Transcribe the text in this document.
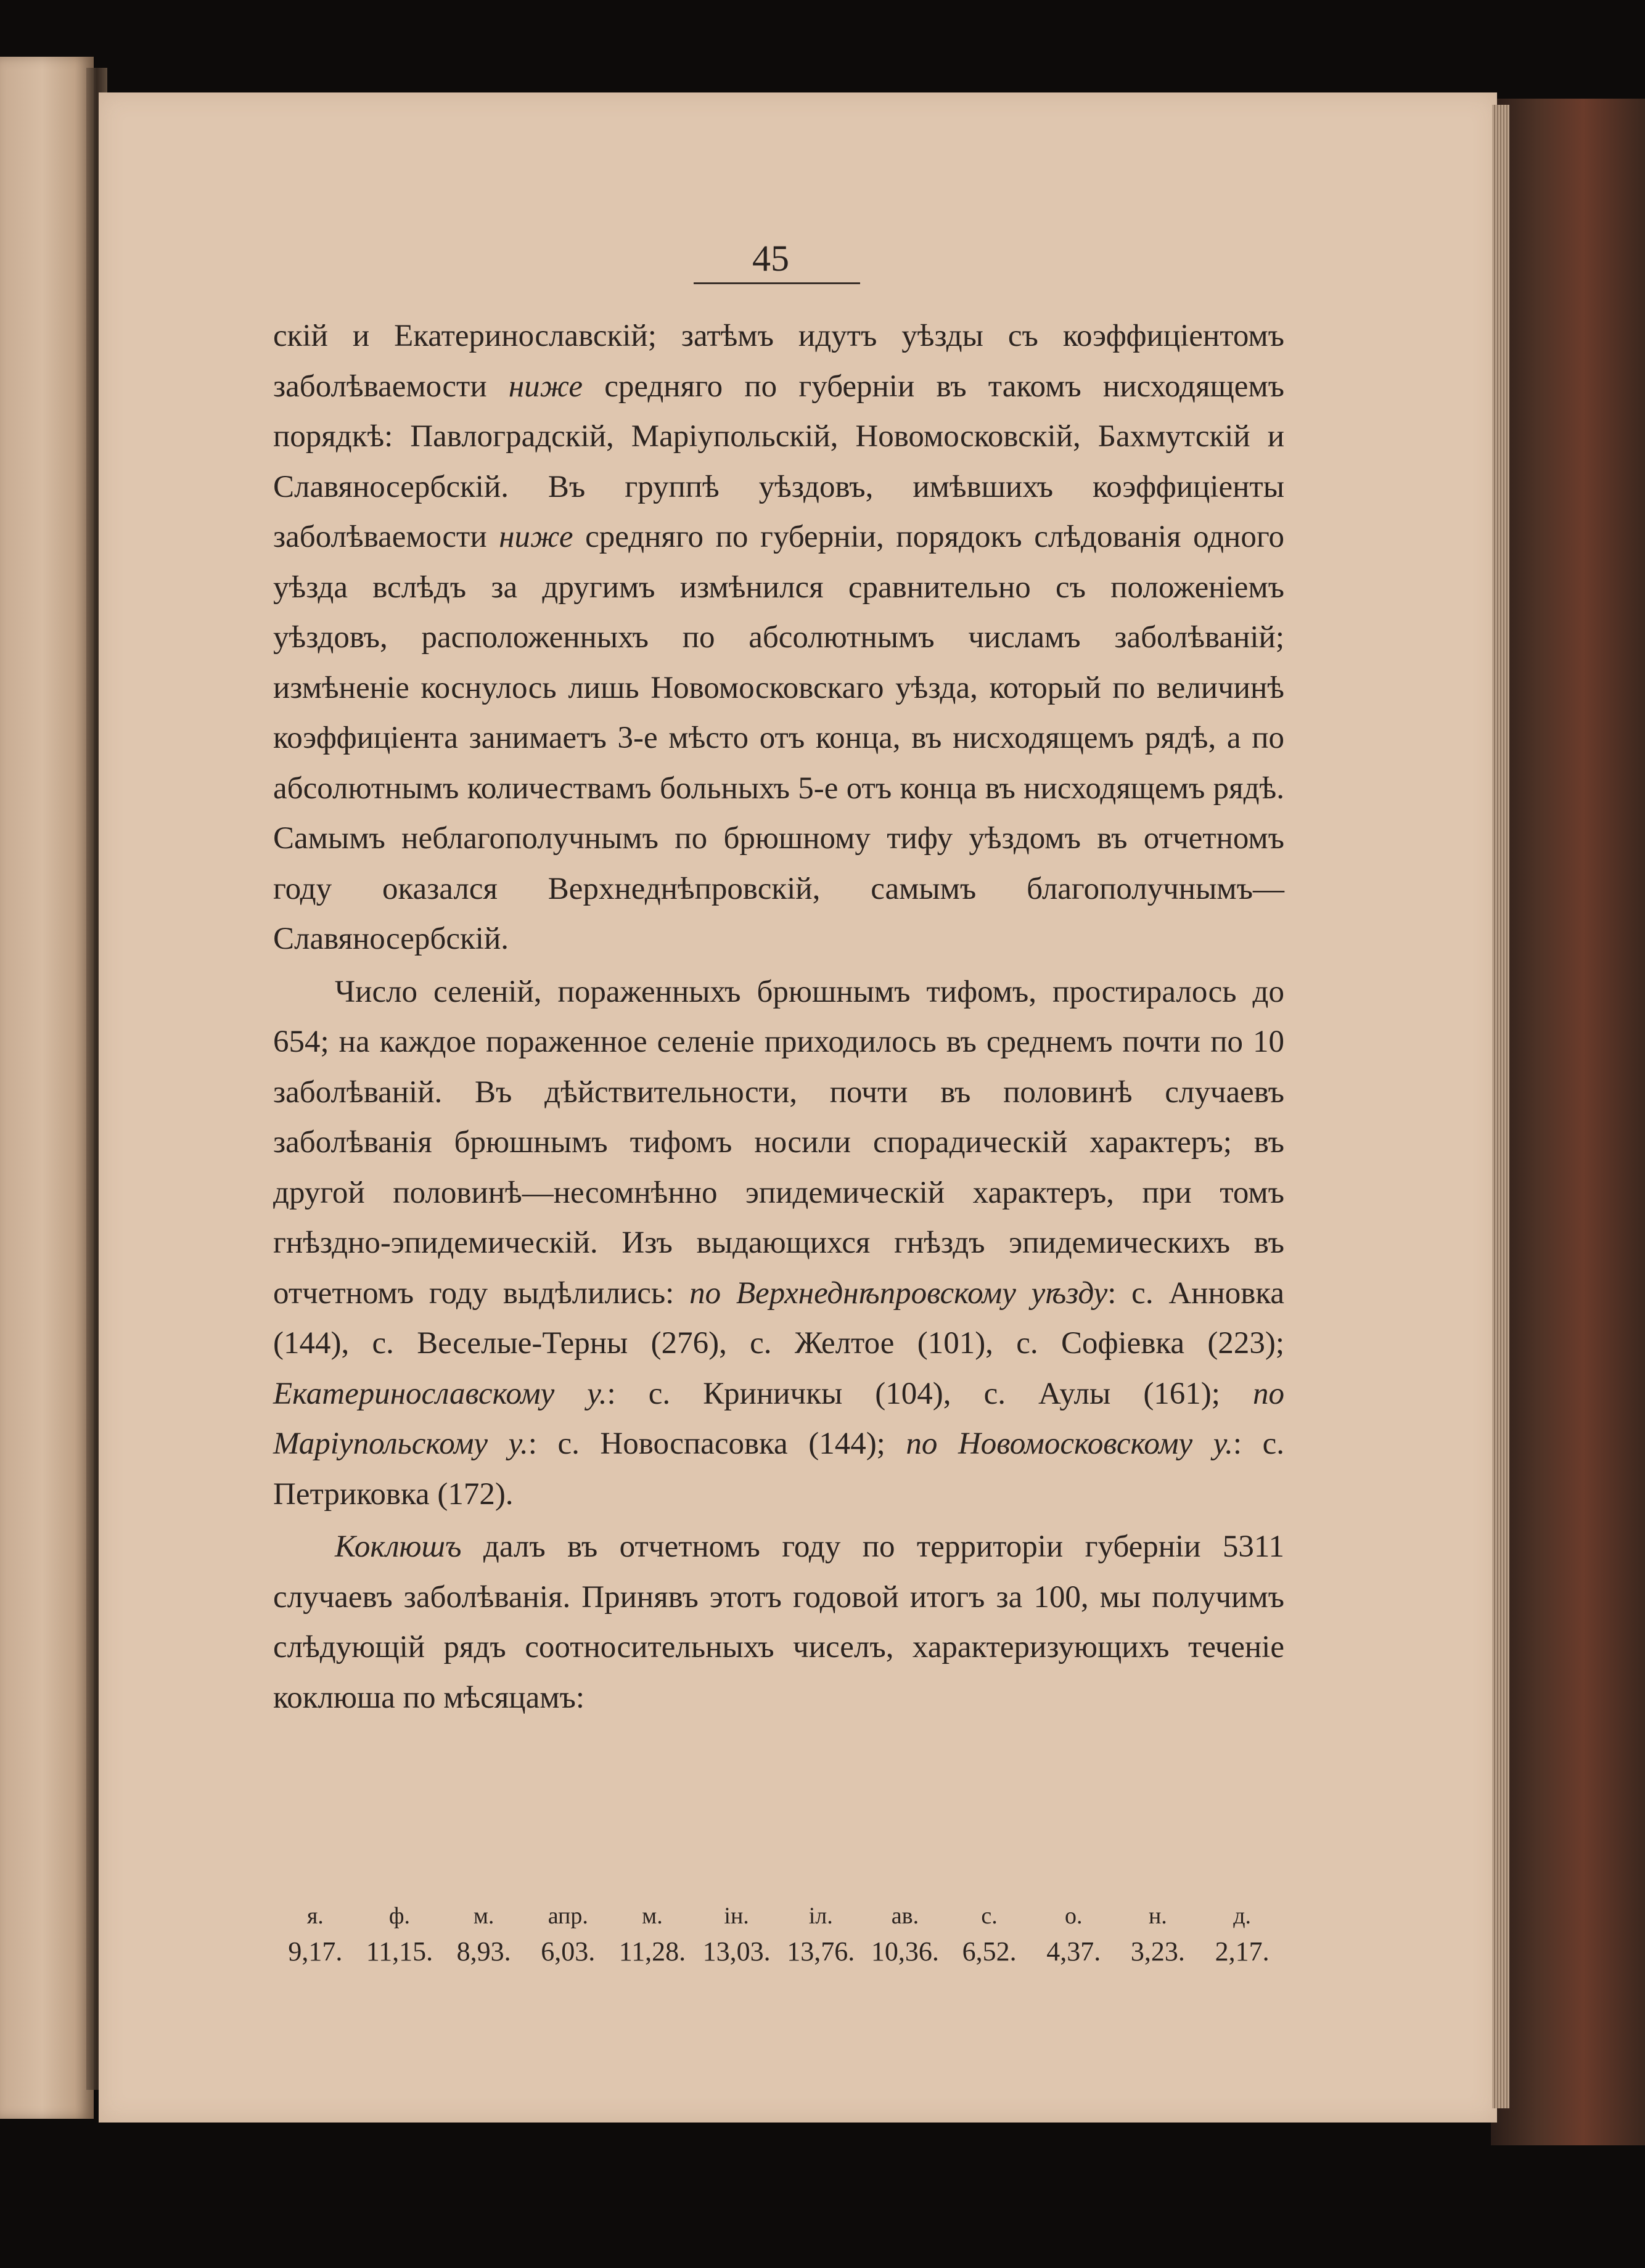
45

скій и Екатеринославскій; затѣмъ идутъ уѣзды съ коэффиціентомъ заболѣваемости ниже средняго по губерніи въ такомъ нисходящемъ порядкѣ: Павлоградскій, Маріупольскій, Новомосковскій, Бахмутскій и Славяносербскій. Въ группѣ уѣздовъ, имѣвшихъ коэффиціенты заболѣваемости ниже средняго по губерніи, порядокъ слѣдованія одного уѣзда вслѣдъ за другимъ измѣнился сравнительно съ положеніемъ уѣздовъ, расположенныхъ по абсолютнымъ числамъ заболѣваній; измѣненіе коснулось лишь Новомосковскаго уѣзда, который по величинѣ коэффиціента занимаетъ 3-е мѣсто отъ конца, въ нисходящемъ рядѣ, а по абсолютнымъ количествамъ больныхъ 5-е отъ конца въ нисходящемъ рядѣ. Самымъ неблагополучнымъ по брюшному тифу уѣздомъ въ отчетномъ году оказался Верхнеднѣпровскій, самымъ благополучнымъ—Славяносербскій.

Число селеній, пораженныхъ брюшнымъ тифомъ, простиралось до 654; на каждое пораженное селеніе приходилось въ среднемъ почти по 10 заболѣваній. Въ дѣйствительности, почти въ половинѣ случаевъ заболѣванія брюшнымъ тифомъ носили спорадическій характеръ; въ другой половинѣ—несомнѣнно эпидемическій характеръ, при томъ гнѣздно-эпидемическій. Изъ выдающихся гнѣздъ эпидемическихъ въ отчетномъ году выдѣлились: по Верхнеднѣпровскому уѣзду: с. Анновка (144), с. Веселые-Терны (276), с. Желтое (101), с. Софіевка (223); Екатеринославскому у.: с. Криничкы (104), с. Аулы (161); по Маріупольскому у.: с. Новоспасовка (144); по Новомосковскому у.: с. Петриковка (172).

Коклюшъ далъ въ отчетномъ году по территоріи губерніи 5311 случаевъ заболѣванія. Принявъ этотъ годовой итогъ за 100, мы получимъ слѣдующій рядъ соотносительныхъ чиселъ, характеризующихъ теченіе коклюша по мѣсяцамъ:

я.	ф.	м.	апр.	м.	ін.	іл.	ав.	с.	о.	н.	д.
9,17.	11,15.	8,93.	6,03.	11,28.	13,03.	13,76.	10,36.	6,52.	4,37.	3,23.	2,17.
